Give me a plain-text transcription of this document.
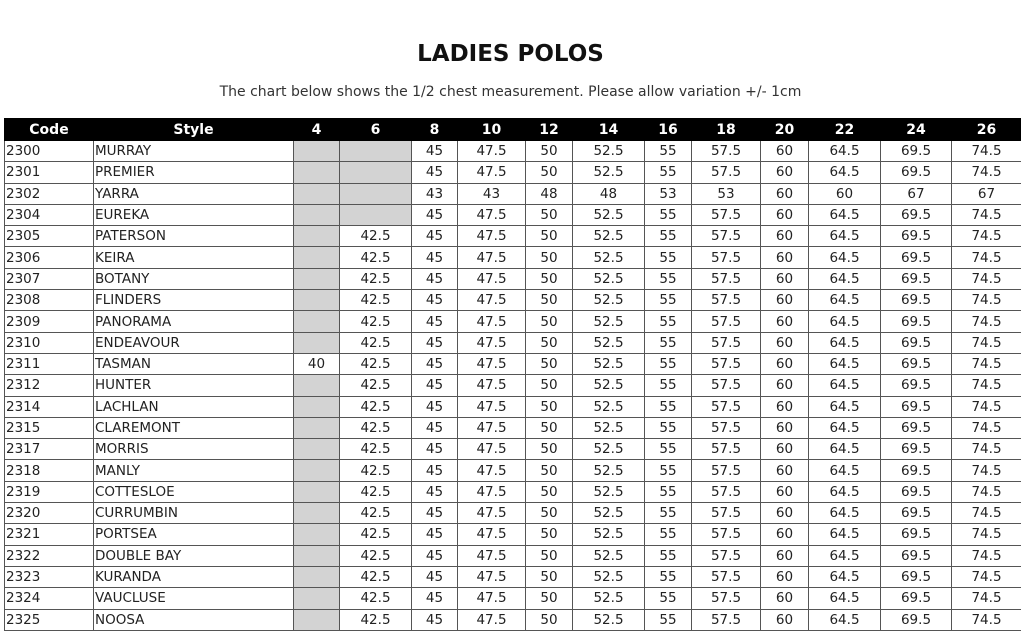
LADIES POLOS
The chart below shows the 1/2 chest measurement. Please allow variation +/- 1cm
Code	Style	4	6	8	10	12	14	16	18	20	22	24	26
2300	MURRAY			45	47.5	50	52.5	55	57.5	60	64.5	69.5	74.5
2301	PREMIER			45	47.5	50	52.5	55	57.5	60	64.5	69.5	74.5
2302	YARRA			43	43	48	48	53	53	60	60	67	67
2304	EUREKA			45	47.5	50	52.5	55	57.5	60	64.5	69.5	74.5
2305	PATERSON		42.5	45	47.5	50	52.5	55	57.5	60	64.5	69.5	74.5
2306	KEIRA		42.5	45	47.5	50	52.5	55	57.5	60	64.5	69.5	74.5
2307	BOTANY		42.5	45	47.5	50	52.5	55	57.5	60	64.5	69.5	74.5
2308	FLINDERS		42.5	45	47.5	50	52.5	55	57.5	60	64.5	69.5	74.5
2309	PANORAMA		42.5	45	47.5	50	52.5	55	57.5	60	64.5	69.5	74.5
2310	ENDEAVOUR		42.5	45	47.5	50	52.5	55	57.5	60	64.5	69.5	74.5
2311	TASMAN	40	42.5	45	47.5	50	52.5	55	57.5	60	64.5	69.5	74.5
2312	HUNTER		42.5	45	47.5	50	52.5	55	57.5	60	64.5	69.5	74.5
2314	LACHLAN		42.5	45	47.5	50	52.5	55	57.5	60	64.5	69.5	74.5
2315	CLAREMONT		42.5	45	47.5	50	52.5	55	57.5	60	64.5	69.5	74.5
2317	MORRIS		42.5	45	47.5	50	52.5	55	57.5	60	64.5	69.5	74.5
2318	MANLY		42.5	45	47.5	50	52.5	55	57.5	60	64.5	69.5	74.5
2319	COTTESLOE		42.5	45	47.5	50	52.5	55	57.5	60	64.5	69.5	74.5
2320	CURRUMBIN		42.5	45	47.5	50	52.5	55	57.5	60	64.5	69.5	74.5
2321	PORTSEA		42.5	45	47.5	50	52.5	55	57.5	60	64.5	69.5	74.5
2322	DOUBLE BAY		42.5	45	47.5	50	52.5	55	57.5	60	64.5	69.5	74.5
2323	KURANDA		42.5	45	47.5	50	52.5	55	57.5	60	64.5	69.5	74.5
2324	VAUCLUSE		42.5	45	47.5	50	52.5	55	57.5	60	64.5	69.5	74.5
2325	NOOSA		42.5	45	47.5	50	52.5	55	57.5	60	64.5	69.5	74.5
